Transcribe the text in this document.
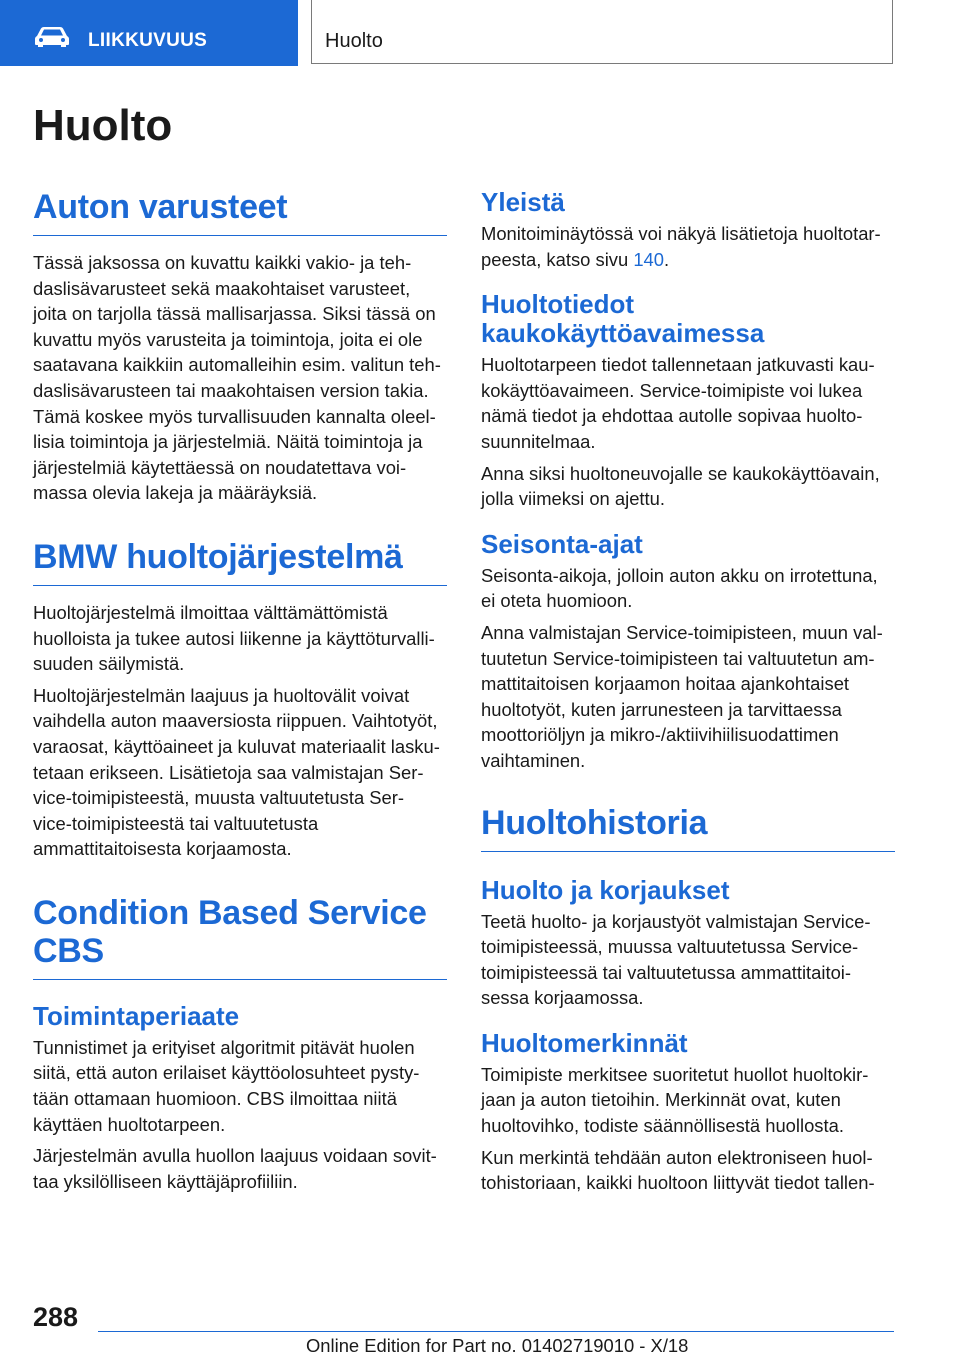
LIIKKUVUUS	Huolto
Huolto
Auton varusteet

Tässä jaksossa on kuvattu kaikki vakio- ja teh-
daslisävarusteet sekä maakohtaiset varusteet,
joita on tarjolla tässä mallisarjassa. Siksi tässä on
kuvattu myös varusteita ja toimintoja, joita ei ole
saatavana kaikkiin automalleihin esim. valitun teh-
daslisävarusteen tai maakohtaisen version takia.
Tämä koskee myös turvallisuuden kannalta oleel-
lisia toimintoja ja järjestelmiä. Näitä toimintoja ja
järjestelmiä käytettäessä on noudatettava voi-
massa olevia lakeja ja määräyksiä.

BMW huoltojärjestelmä

Huoltojärjestelmä ilmoittaa välttämättömistä
huolloista ja tukee autosi liikenne ja käyttöturvalli-
suuden säilymistä.

Huoltojärjestelmän laajuus ja huoltovälit voivat
vaihdella auton maaversiosta riippuen. Vaihtotyöt,
varaosat, käyttöaineet ja kuluvat materiaalit lasku-
tetaan erikseen. Lisätietoja saa valmistajan Ser-
vice-toimipisteestä, muusta valtuutetusta Ser-
vice-toimipisteestä tai valtuutetusta
ammattitaitoisesta korjaamosta.

Condition Based Service
CBS
Toimintaperiaate

Tunnistimet ja erityiset algoritmit pitävät huolen
siitä, että auton erilaiset käyttöolosuhteet pysty-
tään ottamaan huomioon. CBS ilmoittaa niitä
käyttäen huoltotarpeen.

Järjestelmän avulla huollon laajuus voidaan sovit-
taa yksilölliseen käyttäjäprofiiliin.

Yleistä

Monitoiminäytössä voi näkyä lisätietoja huoltotar-
peesta, katso sivu 140.

Huoltotiedot
kaukokäyttöavaimessa

Huoltotarpeen tiedot tallennetaan jatkuvasti kau-
kokäyttöavaimeen. Service-toimipiste voi lukea
nämä tiedot ja ehdottaa autolle sopivaa huolto-
suunnitelmaa.

Anna siksi huoltoneuvojalle se kaukokäyttöavain,
jolla viimeksi on ajettu.

Seisonta-ajat

Seisonta-aikoja, jolloin auton akku on irrotettuna,
ei oteta huomioon.

Anna valmistajan Service-toimipisteen, muun val-
tuutetun Service-toimipisteen tai valtuutetun am-
mattitaitoisen korjaamon hoitaa ajankohtaiset
huoltotyöt, kuten jarrunesteen ja tarvittaessa
moottoriöljyn ja mikro-/aktiivihiilisuodattimen
vaihtaminen.

Huoltohistoria
Huolto ja korjaukset

Teetä huolto- ja korjaustyöt valmistajan Service-
toimipisteessä, muussa valtuutetussa Service-
toimipisteessä tai valtuutetussa ammattitaitoi-
sessa korjaamossa.

Huoltomerkinnät

Toimipiste merkitsee suoritetut huollot huoltokir-
jaan ja auton tietoihin. Merkinnät ovat, kuten
huoltovihko, todiste säännöllisestä huollosta.

Kun merkintä tehdään auton elektroniseen huol-
tohistoriaan, kaikki huoltoon liittyvät tiedot tallen-

288
Online Edition for Part no. 01402719010 - X/18
